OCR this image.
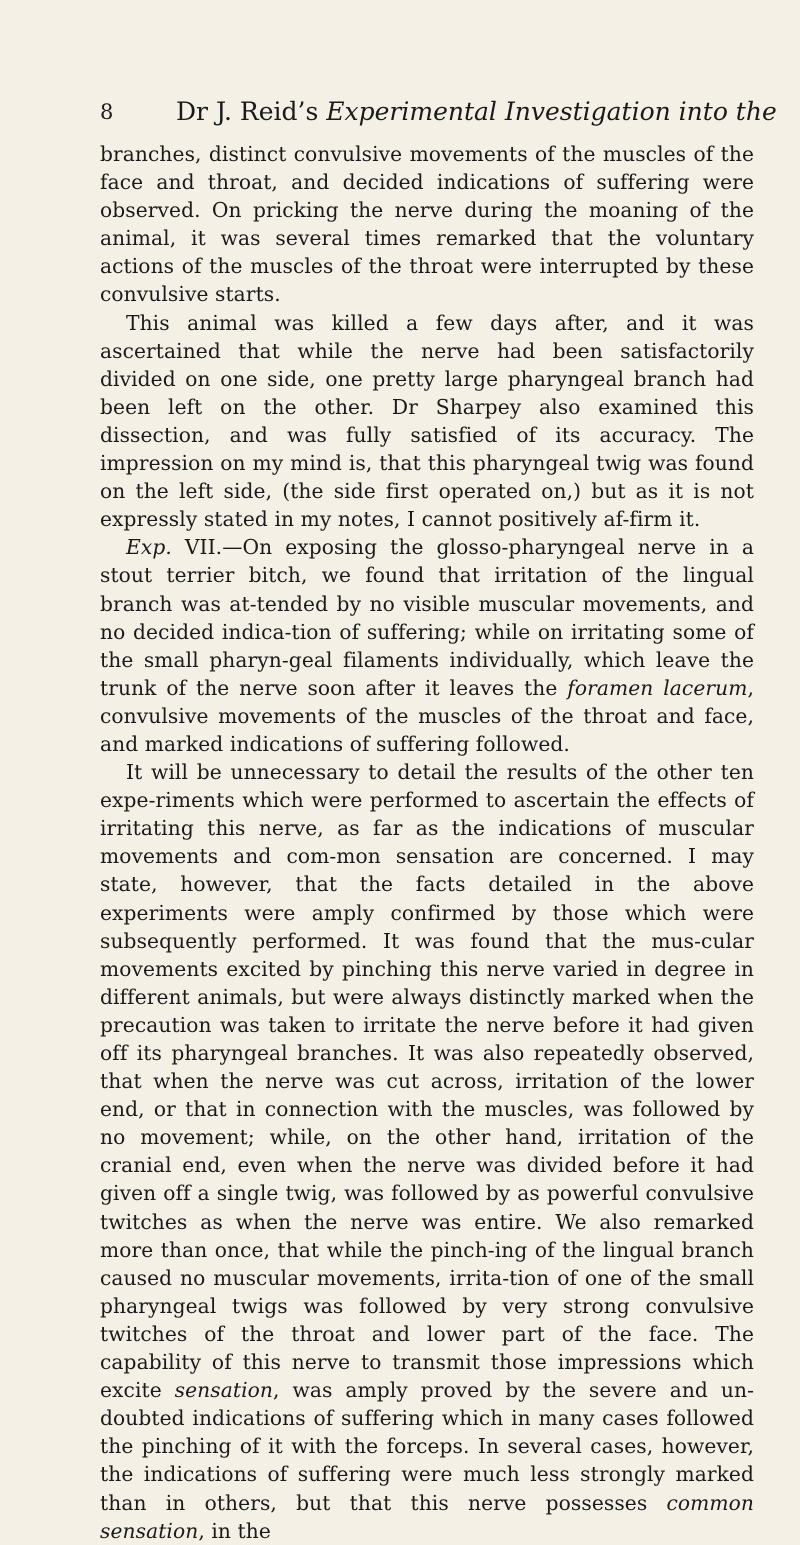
8	Dr J. Reid’s Experimental Investigation into the

branches, distinct convulsive movements of the muscles of the face and throat, and decided indications of suffering were observed. On pricking the nerve during the moaning of the animal, it was several times remarked that the voluntary actions of the muscles of the throat were interrupted by these convulsive starts.

This animal was killed a few days after, and it was ascertained that while the nerve had been satisfactorily divided on one side, one pretty large pharyngeal branch had been left on the other. Dr Sharpey also examined this dissection, and was fully satisfied of its accuracy. The impression on my mind is, that this pharyngeal twig was found on the left side, (the side first operated on,) but as it is not expressly stated in my notes, I cannot positively af-firm it.

Exp. VII.—On exposing the glosso-pharyngeal nerve in a stout terrier bitch, we found that irritation of the lingual branch was at-tended by no visible muscular movements, and no decided indica-tion of suffering; while on irritating some of the small pharyn-geal filaments individually, which leave the trunk of the nerve soon after it leaves the foramen lacerum, convulsive movements of the muscles of the throat and face, and marked indications of suffering followed.

It will be unnecessary to detail the results of the other ten expe-riments which were performed to ascertain the effects of irritating this nerve, as far as the indications of muscular movements and com-mon sensation are concerned. I may state, however, that the facts detailed in the above experiments were amply confirmed by those which were subsequently performed. It was found that the mus-cular movements excited by pinching this nerve varied in degree in different animals, but were always distinctly marked when the precaution was taken to irritate the nerve before it had given off its pharyngeal branches. It was also repeatedly observed, that when the nerve was cut across, irritation of the lower end, or that in connection with the muscles, was followed by no movement; while, on the other hand, irritation of the cranial end, even when the nerve was divided before it had given off a single twig, was followed by as powerful convulsive twitches as when the nerve was entire. We also remarked more than once, that while the pinch-ing of the lingual branch caused no muscular movements, irrita-tion of one of the small pharyngeal twigs was followed by very strong convulsive twitches of the throat and lower part of the face. The capability of this nerve to transmit those impressions which excite sensation, was amply proved by the severe and un-doubted indications of suffering which in many cases followed the pinching of it with the forceps. In several cases, however, the indications of suffering were much less strongly marked than in others, but that this nerve possesses common sensation, in the
